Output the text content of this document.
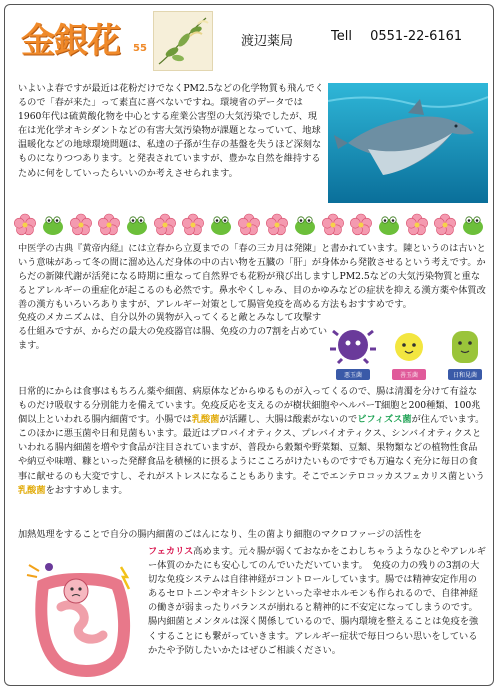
金銀花 55	渡辺薬局	Tell 0551-22-6161

いよいよ春ですが最近は花粉だけでなくPM2.5などの化学物質も飛んでくるので「春が来た」って素直に喜べないですね。環境省のデータでは1960年代は硫黄酸化物を中心とする産業公害型の大気汚染でしたが、現在は光化学オキシダントなどの有害大気汚染物が課題となっていて、地球温暖化などの地球環境問題は、私達の子孫が生存の基盤を失うほど深刻なものになりつつあります。と発表されていますが、豊かな自然を維持するために何をしていったらいいのか考えさせられます。

中医学の古典『黄帝内経』には立春から立夏までの「春の三カ月は発陳」と書かれています。陳というのは古いという意味があって冬の間に溜め込んだ身体の中の古い物を五臓の「肝」が身体から発散させるという考えです。からだの新陳代謝が活発になる時期に重なって自然界でも花粉が飛び出しますしPM2.5などの大気汚染物質と重なるとアレルギーの重症化が起こるのも必然です。鼻水やくしゃみ、目のかゆみなどの症状を抑える漢方薬や体質改善の漢方もいろいろありますが、アレルギー対策として腸管免疫を高める方法もおすすめです。

免疫のメカニズムは、自分以外の異物が入ってくると敵とみなして攻撃する仕組みですが、からだの最大の免疫器官は腸、免疫の力の7割を占めています。

悪玉菌	善玉菌	日和見菌

日常的にからは食事はもちろん薬や細菌、病原体などからゆるものが入ってくるので、腸は清濁を分けて有益なものだけ吸収する分別能力を備えています。免疫反応を支えるのが樹状細胞やヘルパーT細胞と200種類、100兆個以上といわれる腸内細菌です。小腸では乳酸菌が活躍し、大腸は酸素がないのでビフィズス菌が住んでいます。このほかに悪玉菌や日和見菌もいます。最近はプロバイオティクス、プレバイオティクス、シンバイオティクスといわれる腸内細菌を増やす食品が注目されていますが、普段から穀類や野菜類、豆類、果物類などの植物性食品や納豆や味噌、糠といった発酵食品を積極的に摂るようにこころがけたいものですでも万遍なく充分に毎日の食事に献せるのも大変ですし、それがストレスになることもあります。そこでエンテロコッカスフェカリス菌という乳酸菌をおすすめします。

加熱処理をすることで自分の腸内細菌のごはんになり、生の菌より細胞のマクロファージの活性を

フェカリス高めます。元々腸が弱くておなかをこわしちゃうようなひとやアレルギー体質のかたにも安心してのんでいただいています。　免疫の力の残りの3割の大切な免疫システムは自律神経がコントロールしています。腸では精神安定作用のあるセロトニンやオキシトシンといった幸せホルモンも作られるので、自律神経の働きが弱まったりバランスが崩れると精神的に不安定になってしまうのです。腸内細菌とメンタルは深く関係しているので、腸内環境を整えることは免疫を強くすることにも繋がっていきます。アレルギー症状で毎日つらい思いをしているかたや予防したいかたはぜひご相談ください。
